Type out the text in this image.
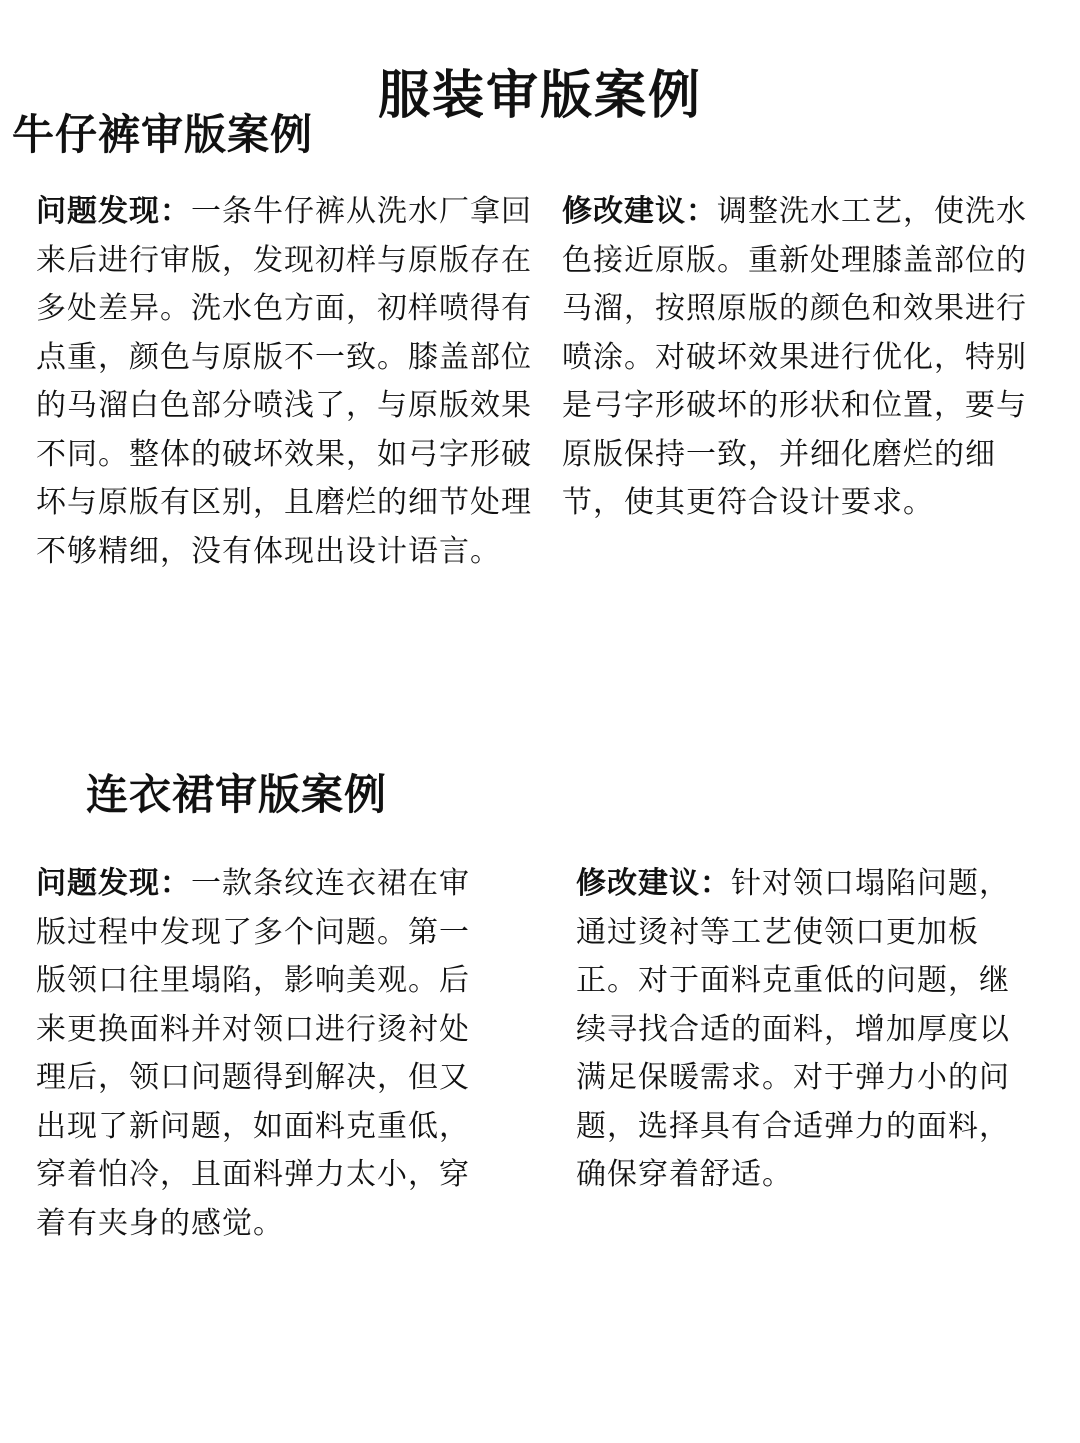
服装审版案例
牛仔裤审版案例
问题发现：一条牛仔裤从洗水厂拿回来后进行审版，发现初样与原版存在多处差异。洗水色方面，初样喷得有点重，颜色与原版不一致。膝盖部位的马溜白色部分喷浅了，与原版效果不同。整体的破坏效果，如弓字形破坏与原版有区别，且磨烂的细节处理不够精细，没有体现出设计语言。
修改建议：调整洗水工艺，使洗水色接近原版。重新处理膝盖部位的马溜，按照原版的颜色和效果进行喷涂。对破坏效果进行优化，特别是弓字形破坏的形状和位置，要与原版保持一致，并细化磨烂的细节，使其更符合设计要求。
连衣裙审版案例
问题发现：一款条纹连衣裙在审版过程中发现了多个问题。第一版领口往里塌陷，影响美观。后来更换面料并对领口进行烫衬处理后，领口问题得到解决，但又出现了新问题，如面料克重低，穿着怕冷，且面料弹力太小，穿着有夹身的感觉。
修改建议：针对领口塌陷问题，通过烫衬等工艺使领口更加板正。对于面料克重低的问题，继续寻找合适的面料，增加厚度以满足保暖需求。对于弹力小的问题，选择具有合适弹力的面料，确保穿着舒适。
